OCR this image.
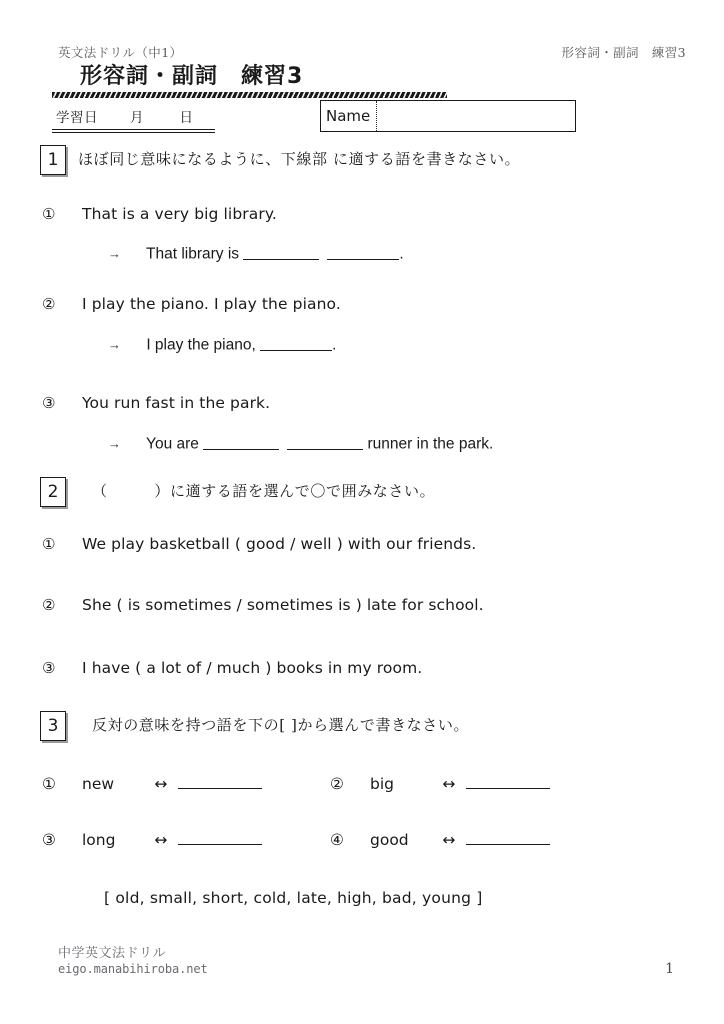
英文法ドリル（中1）	形容詞・副詞　練習3
形容詞・副詞　練習3
学習日 月	日	Name
1	ほぼ同じ意味になるように、下線部 に適する語を書きなさい。
① That is a very big library.
→ That library is	.
② I play the piano. I play the piano.
→ I play the piano,	.
③ You run fast in the park.
→ You are	runner in the park.
2	（　　　）に適する語を選んで〇で囲みなさい。
① We play basketball ( good / well ) with our friends.
② She ( is sometimes / sometimes is ) late for school.
③ I have ( a lot of / much ) books in my room.
3	反対の意味を持つ語を下の[ ]から選んで書きなさい。
①	new	↔	②	big	↔
③	long	↔	④	good	↔
[ old, small, short, cold, late, high, bad, young ]
中学英文法ドリル
eigo.manabihiroba.net	1
